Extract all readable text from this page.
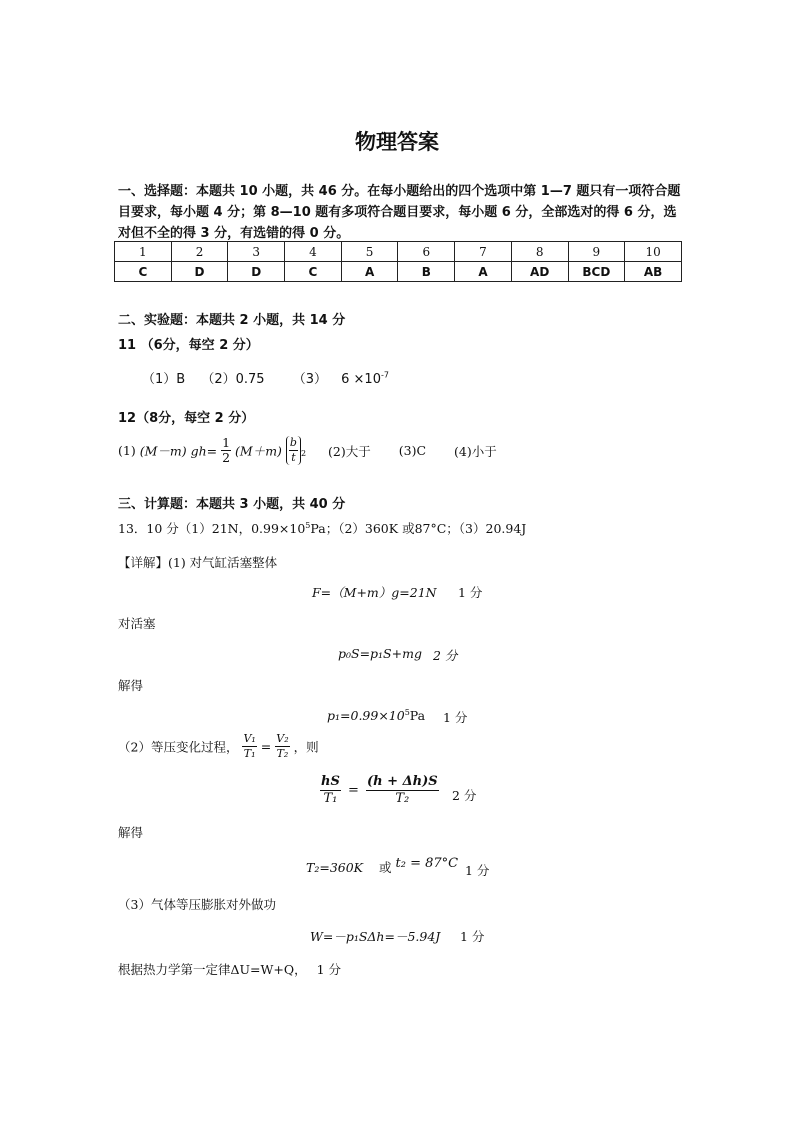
物理答案
一、选择题：本题共 10 小题，共 46 分。在每小题给出的四个选项中第 1—7 题只有一项符合题目要求，每小题 4 分；第 8—10 题有多项符合题目要求，每小题 6 分，全部选对的得 6 分，选对但不全的得 3 分，有选错的得 0 分。
1	2	3	4	5	6	7	8	9	10
C	D	D	C	A	B	A	AD	BCD	AB
二、实验题：本题共 2 小题，共 14 分
11 （6分，每空 2 分）
（1）B （2）0.75 （3） $6 \times 10^{-7}$
12（8分，每空 2 分）
(1) (M－m) $gh= \frac{1}{2} (M+m) \frac{b}{t} ^2$ (2)大于 (3)C (4)小于
三、计算题：本题共 3 小题，共 40 分
13．10 分（1）21N，$0.99\times 10^5Pa$；（2）360K 或87°C；（3）20.94J
【详解】(1) 对气缸活塞整体
F=（M+m）g=21N 1 分
对活塞
p₀S=p₁S+mg 2 分
解得
$p_1=0.99\times 10^5Pa$ 1 分
（2）等压变化过程， $\frac{\text{V₁}}{\text{T₁}} = \frac{\text{V₂}}{\text{T₂}}$ ，则
$\frac{hS}{\text{T₁}} = \frac{(h + \Delta h)S}{\text{T₂}} 2$ 分
解得
T₂=360K 或 t₂ = 87°C 1 分
（3）气体等压膨胀对外做功
W=－p₁SΔh=－5.94J 1 分
根据热力学第一定律ΔU=W+Q， 1 分
